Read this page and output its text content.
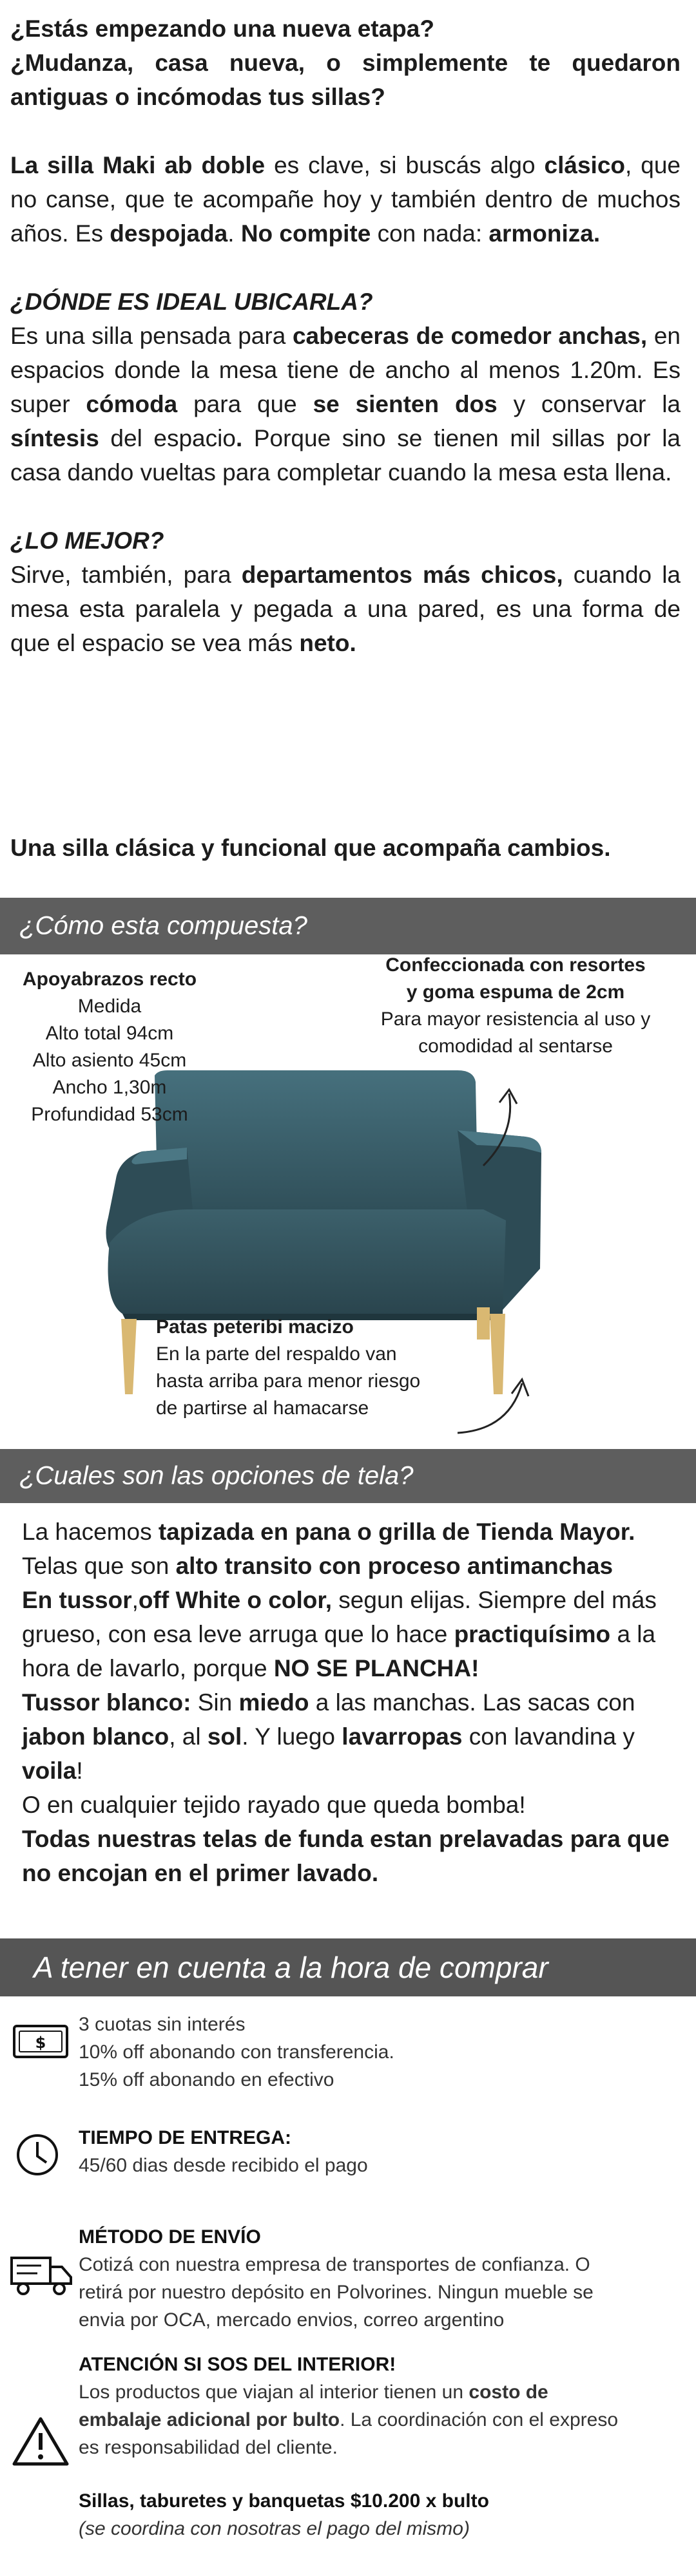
¿Estás empezando una nueva etapa?

¿Mudanza, casa nueva, o simplemente te quedaron antiguas o incómodas tus sillas?

La silla Maki ab doble es clave, si buscás algo clásico, que no canse, que te acompañe hoy y también dentro de muchos años. Es despojada. No compite con nada: armoniza.

¿DÓNDE ES IDEAL UBICARLA?

Es una silla pensada para cabeceras de comedor anchas, en espacios donde la mesa tiene de ancho al menos 1.20m. Es super cómoda para que se sienten dos y conservar la síntesis del espacio. Porque sino se tienen mil sillas por la casa dando vueltas para completar cuando la mesa esta llena.

¿LO MEJOR?

Sirve, también, para departamentos más chicos, cuando la mesa esta paralela y pegada a una pared, es una forma de que el espacio se vea más neto.

Una silla clásica y funcional que acompaña cambios.
¿Cómo esta compuesta?
Apoyabrazos recto
Medida
Alto total 94cm
Alto asiento 45cm
Ancho 1,30m
Profundidad 53cm
Confeccionada con resortes
y goma espuma de 2cm
Para mayor resistencia al uso y
comodidad al sentarse
Patas peteribi macizo
En la parte del respaldo van
hasta arriba para menor riesgo
de partirse al hamacarse
¿Cuales son las opciones de tela?

La hacemos tapizada en pana o grilla de Tienda Mayor.

Telas que son alto transito con proceso antimanchas

En tussor,off White o color, segun elijas. Siempre del más grueso, con esa leve arruga que lo hace practiquísimo a la hora de lavarlo, porque NO SE PLANCHA!

Tussor blanco: Sin miedo a las manchas. Las sacas con jabon blanco, al sol. Y luego lavarropas con lavandina y voila!

O en cualquier tejido rayado que queda bomba!

Todas nuestras telas de funda estan prelavadas para que no encojan en el primer lavado.

A tener en cuenta a la hora de comprar
$
3 cuotas sin interés
10% off abonando con transferencia.
15% off abonando en efectivo
TIEMPO DE ENTREGA:
45/60 dias desde recibido el pago
MÉTODO DE ENVÍO
Cotizá con nuestra empresa de transportes de confianza. O
retirá por nuestro depósito en Polvorines. Ningun mueble se
envia por OCA, mercado envios, correo argentino
ATENCIÓN SI SOS DEL INTERIOR!
Los productos que viajan al interior tienen un costo de
embalaje adicional por bulto. La coordinación con el expreso
es responsabilidad del cliente.
Sillas, taburetes y banquetas $10.200 x bulto
(se coordina con nosotras el pago del mismo)
